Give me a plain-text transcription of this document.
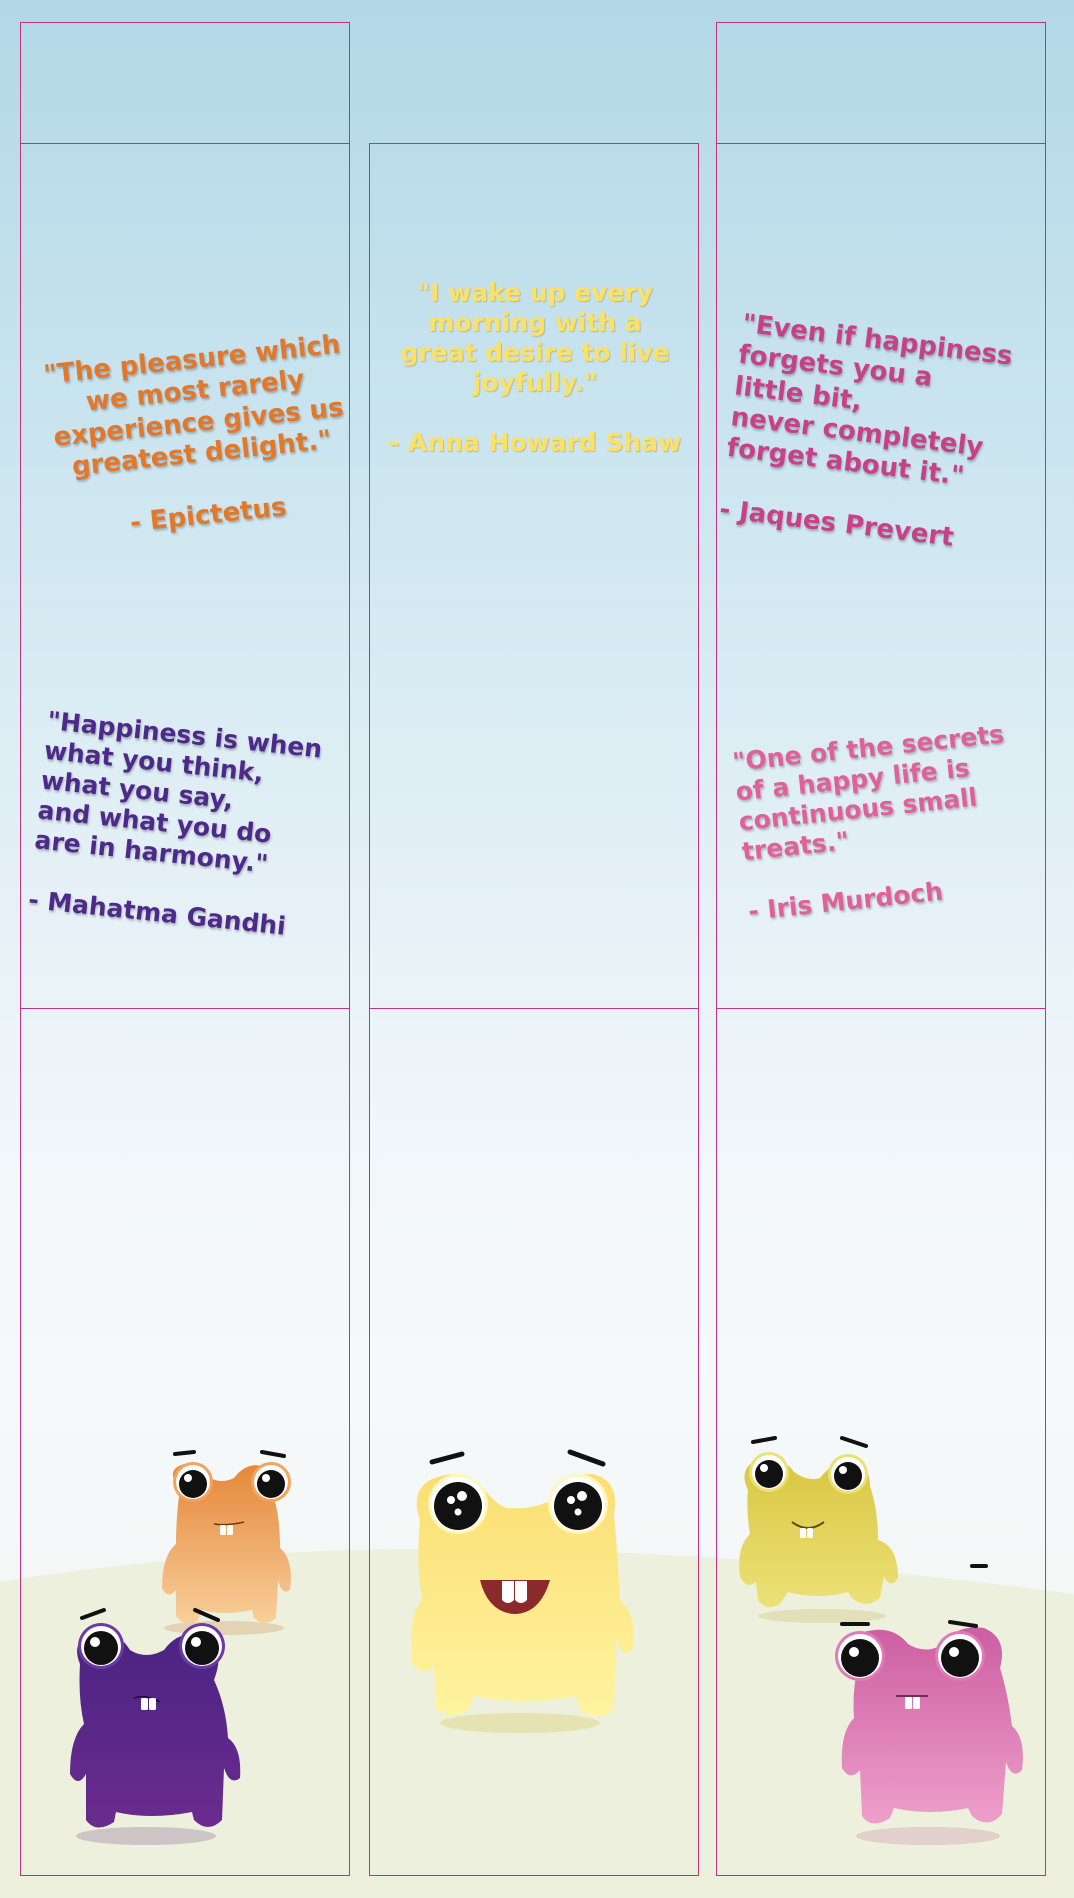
"The pleasure which
we most rarely
experience gives us
greatest delight."

- Epictetus

"I wake up every
morning with a
great desire to live
joyfully."

- Anna Howard Shaw

"Even if happiness
forgets you a
little bit,
never completely
forget about it."

- Jaques Prevert

"Happiness is when
what you think,
what you say,
and what you do
are in harmony."

- Mahatma Gandhi

"One of the secrets
of a happy life is
continuous small
treats."

- Iris Murdoch
